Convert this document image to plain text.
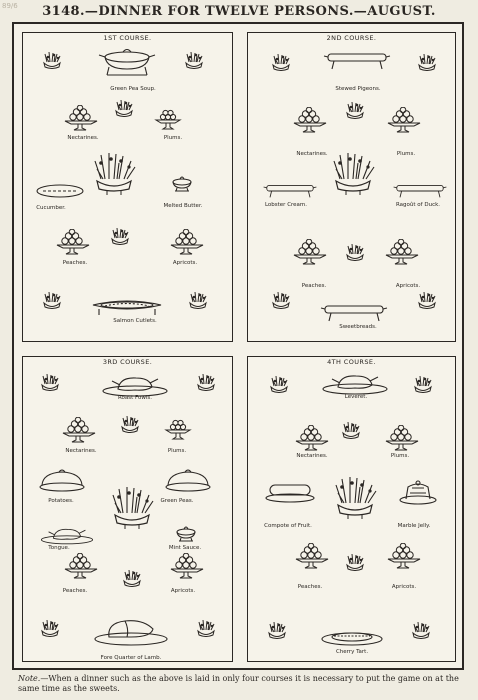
89/6	3148.—DINNER FOR TWELVE PERSONS.—AUGUST.
1ST COURSE.
Green Pea Soup.
Nectarines.	Plums.
Cucumber.	Melted Butter.
Peaches.	Apricots.
Salmon Cutlets.
2ND COURSE.
Stewed Pigeons.
Nectarines.	Plums.
Lobster Cream.	Ragoût of Duck.
Peaches.	Apricots.
Sweetbreads.
3RD COURSE.
Roast Fowls.
Nectarines.	Plums.
Potatoes.	Green Peas.
Tongue.	Mint Sauce.
Peaches.	Apricots.
Fore Quarter of Lamb.
4TH COURSE.
Leveret.
Nectarines.	Plums.
Compote of Fruit.	Marble Jelly.
Peaches.	Apricots.
Cherry Tart.
Note.—When a dinner such as the above is laid in only four courses it is necessary to put the game on at the same time as the sweets.
